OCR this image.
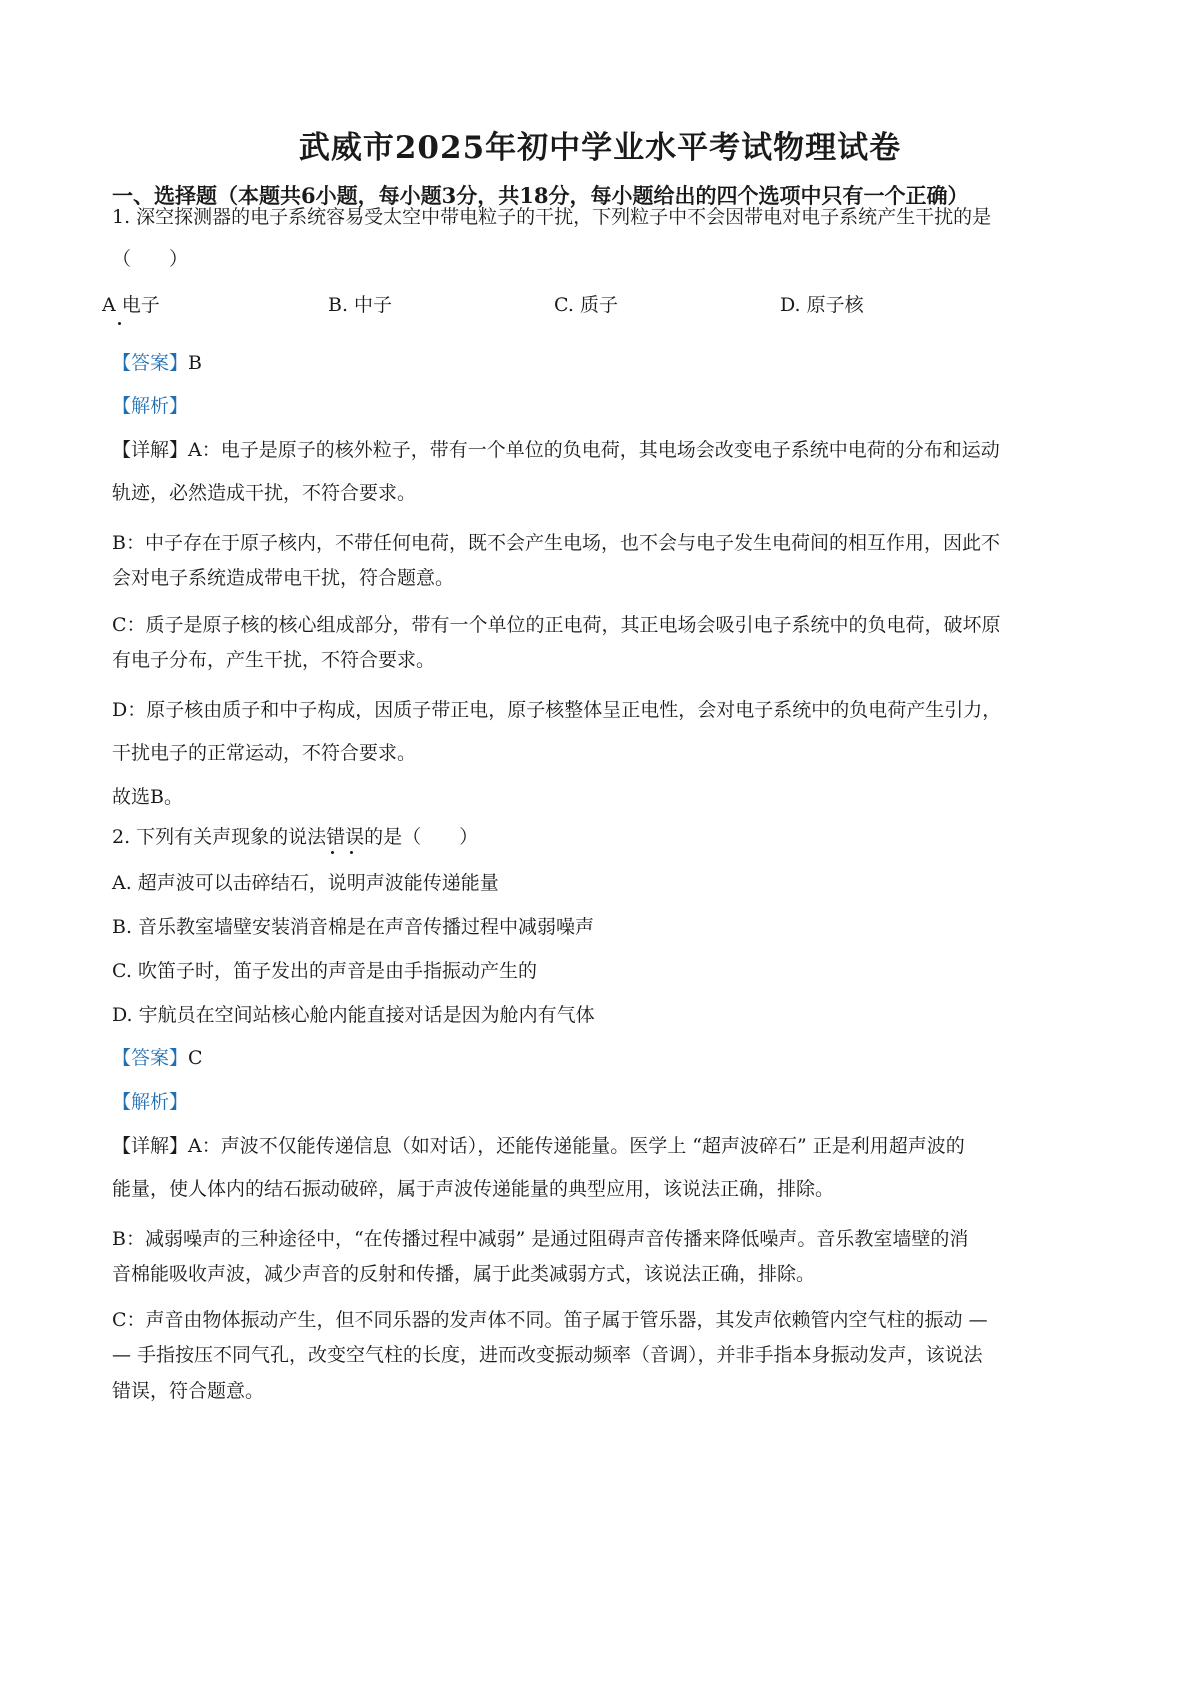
武威市2025年初中学业水平考试物理试卷
一、选择题（本题共6小题，每小题3分，共18分，每小题给出的四个选项中只有一个正确）
1. 深空探测器的电子系统容易受太空中带电粒子的干扰，下列粒子中不会因带电对电子系统产生干扰的是
（　　）
A 电子	B. 中子	C. 质子	D. 原子核
【答案】B
【解析】
【详解】A：电子是原子的核外粒子，带有一个单位的负电荷，其电场会改变电子系统中电荷的分布和运动
轨迹，必然造成干扰，不符合要求。
B：中子存在于原子核内，不带任何电荷，既不会产生电场，也不会与电子发生电荷间的相互作用，因此不
会对电子系统造成带电干扰，符合题意。
C：质子是原子核的核心组成部分，带有一个单位的正电荷，其正电场会吸引电子系统中的负电荷，破坏原
有电子分布，产生干扰，不符合要求。
D：原子核由质子和中子构成，因质子带正电，原子核整体呈正电性，会对电子系统中的负电荷产生引力，
干扰电子的正常运动，不符合要求。
故选B。
2. 下列有关声现象的说法错误的是（　　）
A. 超声波可以击碎结石，说明声波能传递能量
B. 音乐教室墙壁安装消音棉是在声音传播过程中减弱噪声
C. 吹笛子时，笛子发出的声音是由手指振动产生的
D. 宇航员在空间站核心舱内能直接对话是因为舱内有气体
【答案】C
【解析】
【详解】A：声波不仅能传递信息（如对话），还能传递能量。医学上 “超声波碎石” 正是利用超声波的
能量，使人体内的结石振动破碎，属于声波传递能量的典型应用，该说法正确，排除。
B：减弱噪声的三种途径中，“在传播过程中减弱” 是通过阻碍声音传播来降低噪声。音乐教室墙壁的消
音棉能吸收声波，减少声音的反射和传播，属于此类减弱方式，该说法正确，排除。
C：声音由物体振动产生，但不同乐器的发声体不同。笛子属于管乐器，其发声依赖管内空气柱的振动 —
— 手指按压不同气孔，改变空气柱的长度，进而改变振动频率（音调），并非手指本身振动发声，该说法
错误，符合题意。
